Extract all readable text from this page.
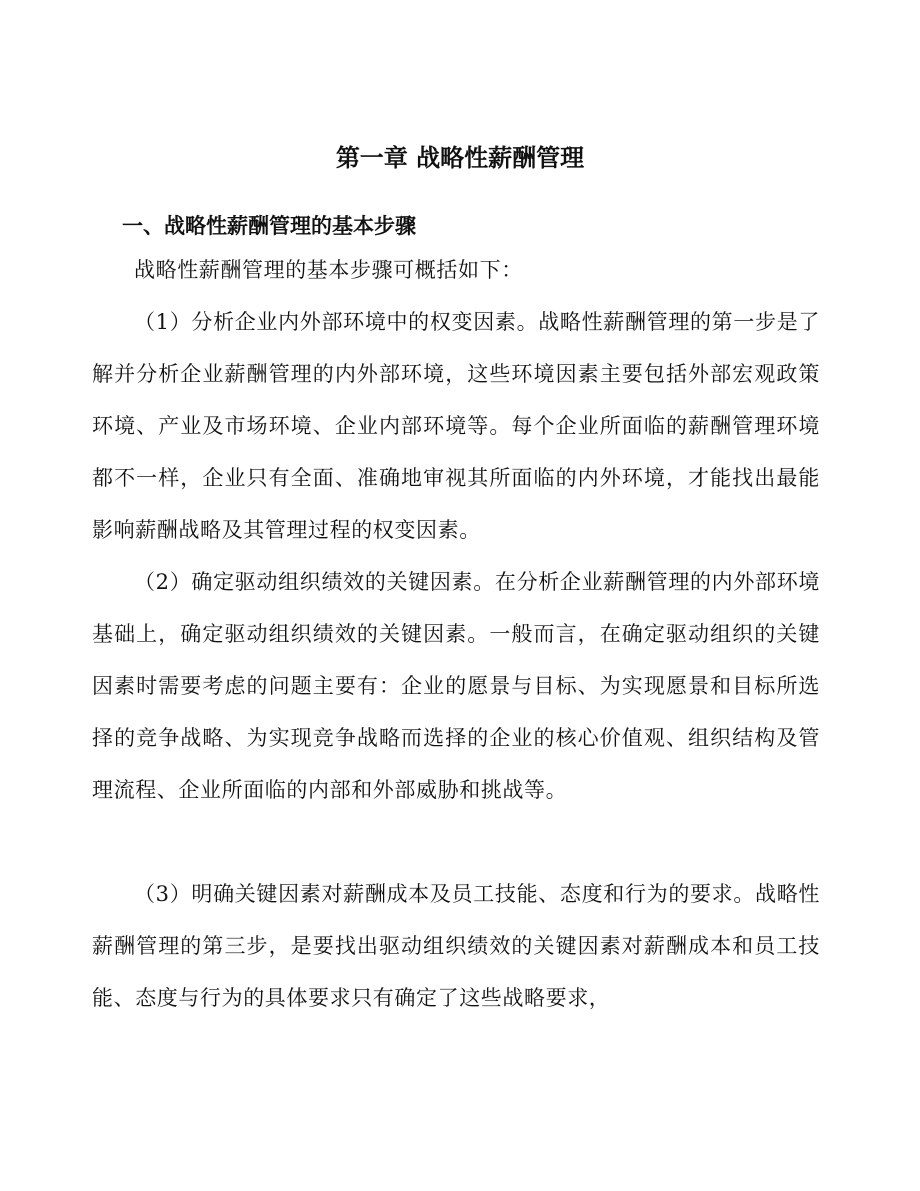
第一章 战略性薪酬管理
一、战略性薪酬管理的基本步骤

战略性薪酬管理的基本步骤可概括如下：

（1）分析企业内外部环境中的权变因素。战略性薪酬管理的第一步是了解并分析企业薪酬管理的内外部环境，这些环境因素主要包括外部宏观政策环境、产业及市场环境、企业内部环境等。每个企业所面临的薪酬管理环境都不一样，企业只有全面、准确地审视其所面临的内外环境，才能找出最能影响薪酬战略及其管理过程的权变因素。

（2）确定驱动组织绩效的关键因素。在分析企业薪酬管理的内外部环境基础上，确定驱动组织绩效的关键因素。一般而言，在确定驱动组织的关键因素时需要考虑的问题主要有：企业的愿景与目标、为实现愿景和目标所选择的竞争战略、为实现竞争战略而选择的企业的核心价值观、组织结构及管理流程、企业所面临的内部和外部威胁和挑战等。

（3）明确关键因素对薪酬成本及员工技能、态度和行为的要求。战略性薪酬管理的第三步，是要找出驱动组织绩效的关键因素对薪酬成本和员工技能、态度与行为的具体要求只有确定了这些战略要求，
